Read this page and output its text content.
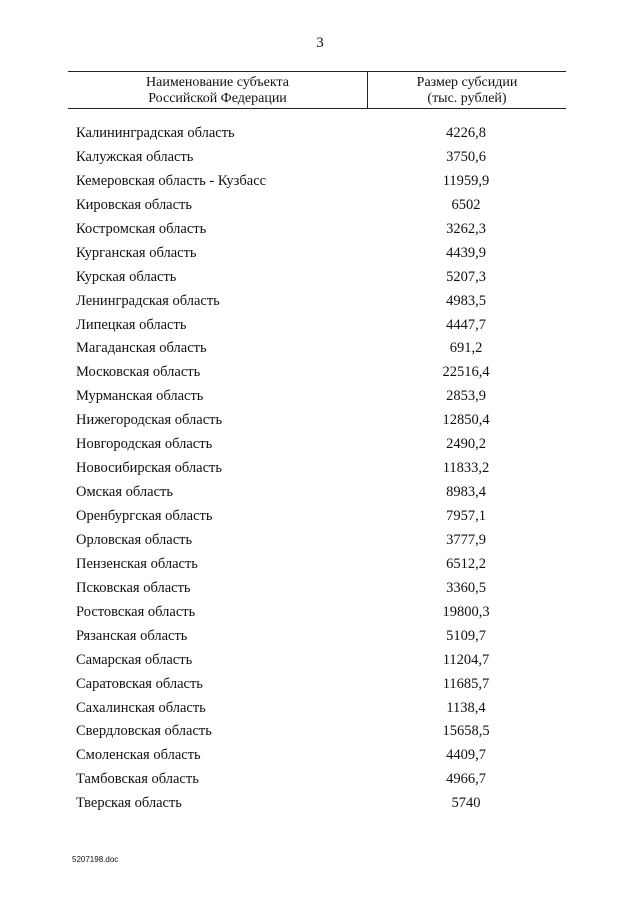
3
Наименование субъекта
Российской Федерации
Размер субсидии
(тыс. рублей)
Калининградская область	4226,8
Калужская область	3750,6
Кемеровская область - Кузбасс	11959,9
Кировская область	6502
Костромская область	3262,3
Курганская область	4439,9
Курская область	5207,3
Ленинградская область	4983,5
Липецкая область	4447,7
Магаданская область	691,2
Московская область	22516,4
Мурманская область	2853,9
Нижегородская область	12850,4
Новгородская область	2490,2
Новосибирская область	11833,2
Омская область	8983,4
Оренбургская область	7957,1
Орловская область	3777,9
Пензенская область	6512,2
Псковская область	3360,5
Ростовская область	19800,3
Рязанская область	5109,7
Самарская область	11204,7
Саратовская область	11685,7
Сахалинская область	1138,4
Свердловская область	15658,5
Смоленская область	4409,7
Тамбовская область	4966,7
Тверская область	5740
5207198.doc
